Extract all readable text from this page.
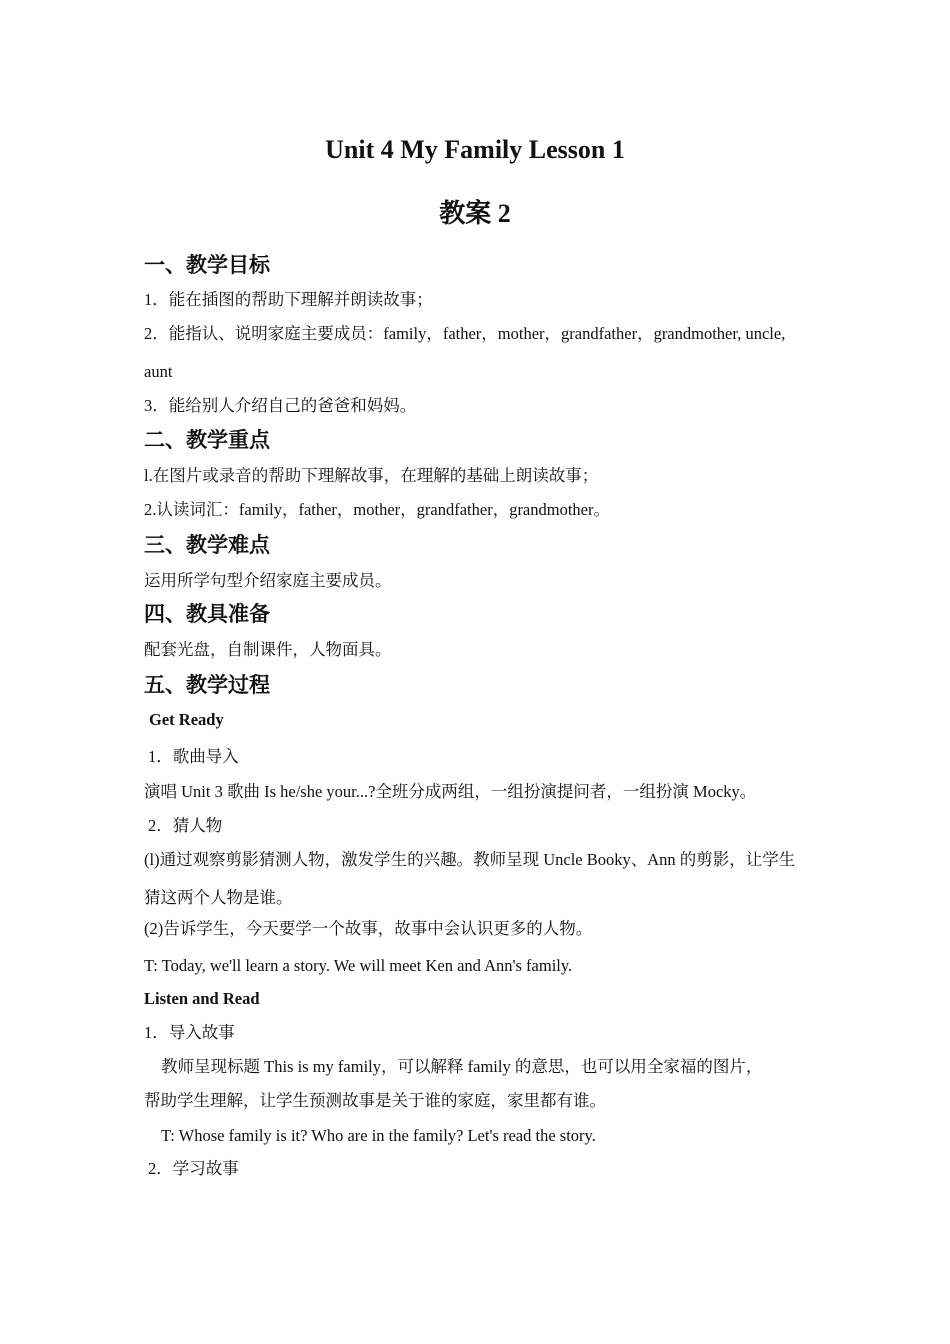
Unit 4 My Family Lesson 1
教案 2
一、教学目标

1．能在插图的帮助下理解并朗读故事；

2．能指认、说明家庭主要成员：family，father，mother，grandfather，grandmother, uncle,

aunt

3．能给别人介绍自己的爸爸和妈妈。

二、教学重点

l.在图片或录音的帮助下理解故事，在理解的基础上朗读故事；

2.认读词汇：family，father，mother，grandfather，grandmother。

三、教学难点

运用所学句型介绍家庭主要成员。

四、教具准备

配套光盘，自制课件，人物面具。

五、教学过程

Get Ready

1．歌曲导入

演唱 Unit 3 歌曲 Is he/she your...?全班分成两组，一组扮演提问者，一组扮演 Mocky。

2．猜人物

(l)通过观察剪影猜测人物，激发学生的兴趣。教师呈现 Uncle Booky、Ann 的剪影，让学生

猜这两个人物是谁。

(2)告诉学生，今天要学一个故事，故事中会认识更多的人物。

T: Today, we'll learn a story. We will meet Ken and Ann's family.

Listen and Read

1．导入故事

教师呈现标题 This is my family，可以解释 family 的意思，也可以用全家福的图片，

帮助学生理解，让学生预测故事是关于谁的家庭，家里都有谁。

T: Whose family is it? Who are in the family? Let's read the story.

2．学习故事
